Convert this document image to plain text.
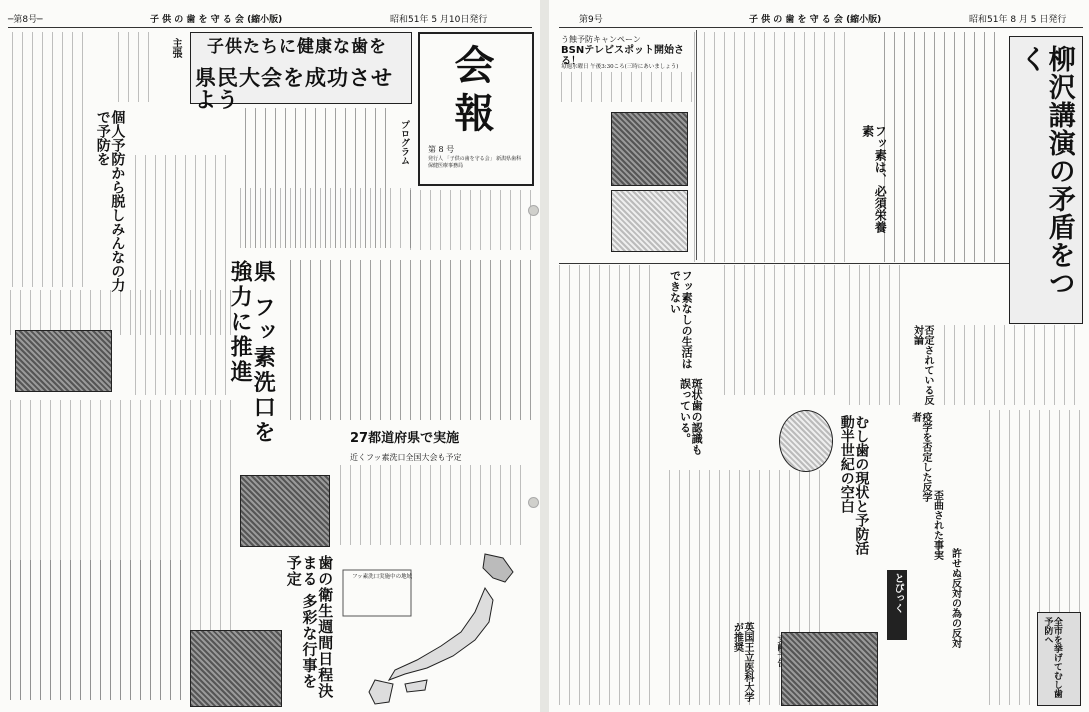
─第8号─	子 供 の 歯 を 守 る 会 (縮小版)	昭和51年 5 月10日発行
主張
個人予防から脱しみんなの力で予防を
子供たちに健康な歯を
県民大会を成功させよう	会報
第 8 号
発行人 「子供の歯を守る会」 新潟県歯科保健医療事務局
プログラム
県 フッ素洗口を強力に推進
27都道府県で実施
近くフッ素洗口全国大会も予定
フッ素洗口実施中の地域
歯の衛生週間日程決まる 多彩な行事を予定
第9号	子 供 の 歯 を 守 る 会 (縮小版)	昭和51年 8 月 5 日発行
う蝕予防キャンペーン
BSNテレビスポット開始さる！
毎週水曜日 午後3:30ころ(三時にあいましょう)
フッ素は、必須栄養素	柳沢講演の矛盾をつく
フッ素なしの生活はできない
斑状歯の認識も誤っている。
否定されている反対論
疫学を否定した反学者
歪曲された事実
許せぬ反対の為の反対
むし歯の現状と予防活動半世紀の空白
とぴっく
英国王立医科大学が推奨	全市を挙げてむし歯予防へ
